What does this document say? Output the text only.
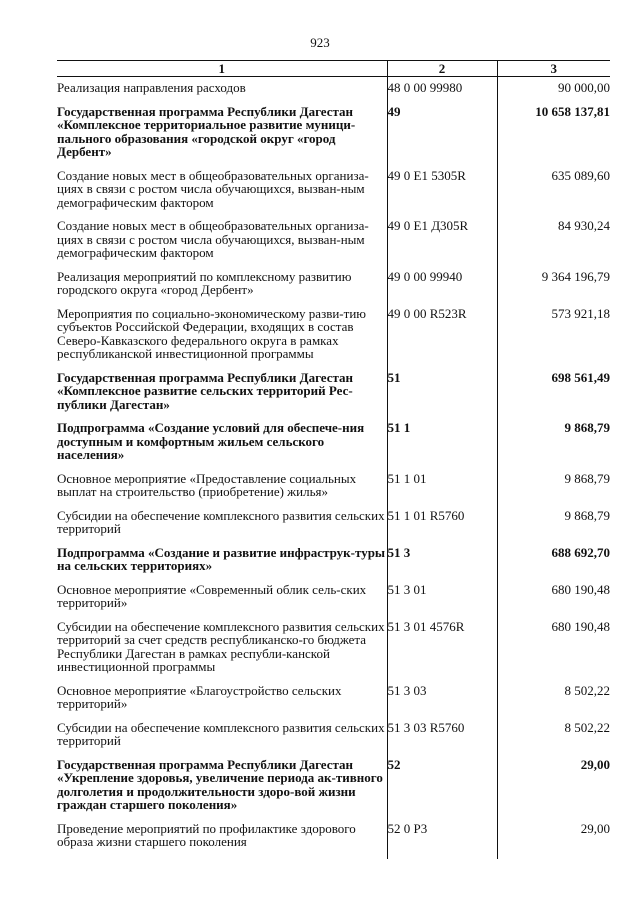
923
1	2	3
Реализация направления расходов	48 0 00 99980	90 000,00
Государственная программа Республики Дагестан «Комплексное территориальное развитие муници-пального образования «городской округ «город Дербент»	49	10 658 137,81
Создание новых мест в общеобразовательных организа-циях в связи с ростом числа обучающихся, вызван-ным демографическим фактором	49 0 E1 5305R	635 089,60
Создание новых мест в общеобразовательных организа-циях в связи с ростом числа обучающихся, вызван-ным демографическим фактором	49 0 E1 Д305R	84 930,24
Реализация мероприятий по комплексному развитию городского округа «город Дербент»	49 0 00 99940	9 364 196,79
Мероприятия по социально-экономическому разви-тию субъектов Российской Федерации, входящих в состав Северо-Кавказского федерального округа в рамках республиканской инвестиционной программы	49 0 00 R523R	573 921,18
Государственная программа Республики Дагестан «Комплексное развитие сельских территорий Рес-публики Дагестан»	51	698 561,49
Подпрограмма «Создание условий для обеспече-ния доступным и комфортным жильем сельского населения»	51 1	9 868,79
Основное мероприятие «Предоставление социальных выплат на строительство (приобретение) жилья»	51 1 01	9 868,79
Субсидии на обеспечение комплексного развития сельских территорий	51 1 01 R5760	9 868,79
Подпрограмма «Создание и развитие инфраструк-туры на сельских территориях»	51 3	688 692,70
Основное мероприятие «Современный облик сель-ских территорий»	51 3 01	680 190,48
Субсидии на обеспечение комплексного развития сельских территорий за счет средств республиканско-го бюджета Республики Дагестан в рамках республи-канской инвестиционной программы	51 3 01 4576R	680 190,48
Основное мероприятие «Благоустройство сельских территорий»	51 3 03	8 502,22
Субсидии на обеспечение комплексного развития сельских территорий	51 3 03 R5760	8 502,22
Государственная программа Республики Дагестан «Укрепление здоровья, увеличение периода ак-тивного долголетия и продолжительности здоро-вой жизни граждан старшего поколения»	52	29,00
Проведение мероприятий по профилактике здорового образа жизни старшего поколения	52 0 P3	29,00
